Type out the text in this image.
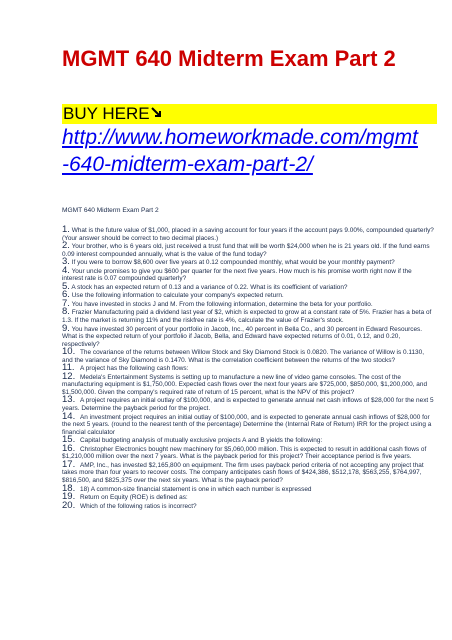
MGMT 640 Midterm Exam Part 2
BUY HERE
http://www.homeworkmade.com/mgmt
-640-midterm-exam-part-2/
MGMT 640 Midterm Exam Part 2

1. What is the future value of $1,000, placed in a saving account for four years if the account pays 9.00%, compounded quarterly? (Your answer should be correct to two decimal places.)

2. Your brother, who is 6 years old, just received a trust fund that will be worth $24,000 when he is 21 years old. If the fund earns 0.09 interest compounded annually, what is the value of the fund today?

3. If you were to borrow $8,600 over five years at 0.12 compounded monthly, what would be your monthly payment?

4. Your uncle promises to give you $600 per quarter for the next five years. How much is his promise worth right now if the interest rate is 0.07 compounded quarterly?

5. A stock has an expected return of 0.13 and a variance of 0.22. What is its coefficient of variation?

6. Use the following information to calculate your company's expected return.

7. You have invested in stocks J and M. From the following information, determine the beta for your portfolio.

8. Frazier Manufacturing paid a dividend last year of $2, which is expected to grow at a constant rate of 5%. Frazier has a beta of 1.3. If the market is returning 11% and the riskfree rate is 4%, calculate the value of Frazier's stock.

9. You have invested 30 percent of your portfolio in Jacob, Inc., 40 percent in Bella Co., and 30 percent in Edward Resources. What is the expected return of your portfolio if Jacob, Bella, and Edward have expected returns of 0.01, 0.12, and 0.20, respectively?

10. The covariance of the returns between Willow Stock and Sky Diamond Stock is 0.0820. The variance of Willow is 0.1130, and the variance of Sky Diamond is 0.1470. What is the correlation coefficient between the returns of the two stocks?

11. A project has the following cash flows:

12. Medela's Entertainment Systems is setting up to manufacture a new line of video game consoles. The cost of the manufacturing equipment is $1,750,000. Expected cash flows over the next four years are $725,000, $850,000, $1,200,000, and $1,500,000. Given the company's required rate of return of 15 percent, what is the NPV of this project?

13. A project requires an initial outlay of $100,000, and is expected to generate annual net cash inflows of $28,000 for the next 5 years. Determine the payback period for the project.

14. An investment project requires an initial outlay of $100,000, and is expected to generate annual cash inflows of $28,000 for the next 5 years. (round to the nearest tenth of the percentage) Determine the (Internal Rate of Return) IRR for the project using a financial calculator

15. Capital budgeting analysis of mutually exclusive projects A and B yields the following:

16. Christopher Electronics bought new machinery for $5,060,000 million. This is expected to result in additional cash flows of $1,210,000 million over the next 7 years. What is the payback period for this project? Their acceptance period is five years.

17. AMP, Inc., has invested $2,165,800 on equipment. The firm uses payback period criteria of not accepting any project that takes more than four years to recover costs. The company anticipates cash flows of $424,386, $512,178, $563,255, $764,997, $816,500, and $825,375 over the next six years. What is the payback period?

18. 18) A common-size financial statement is one in which each number is expressed

19. Return on Equity (ROE) is defined as:

20. Which of the following ratios is incorrect?
